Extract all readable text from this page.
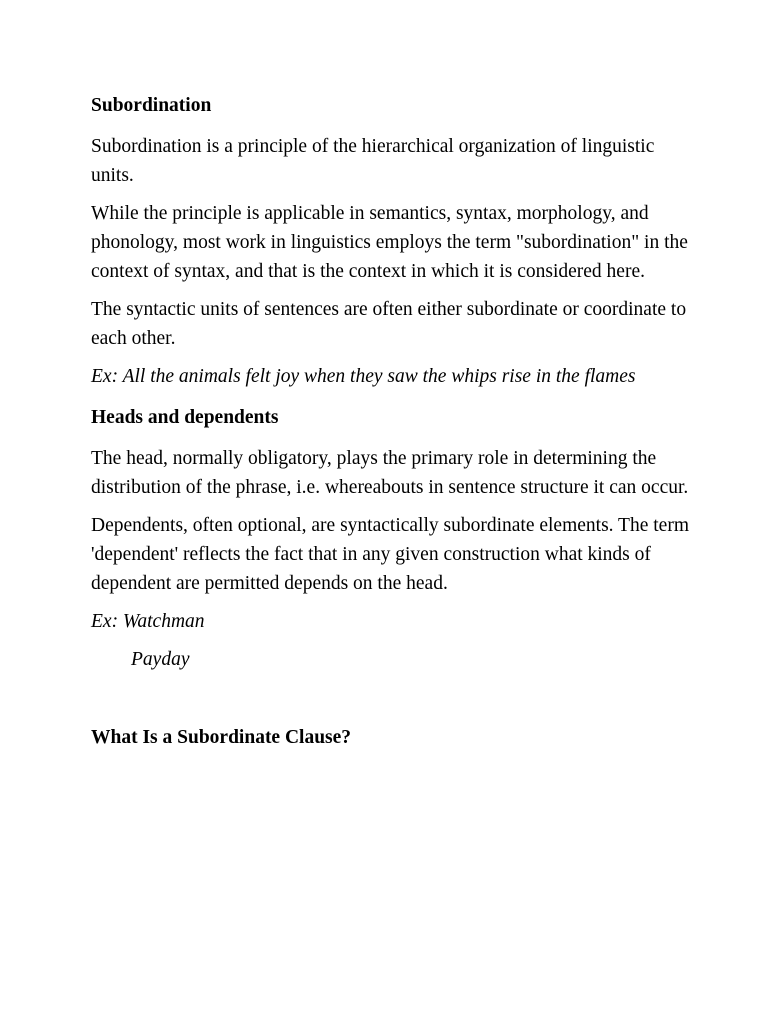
Subordination

Subordination is a principle of the hierarchical organization of linguistic units.

While the principle is applicable in semantics, syntax, morphology, and phonology, most work in linguistics employs the term "subordination" in the context of syntax, and that is the context in which it is considered here.

The syntactic units of sentences are often either subordinate or coordinate to each other.

Ex: All the animals felt joy when they saw the whips rise in the flames

Heads and dependents

The head, normally obligatory, plays the primary role in determining the distribution of the phrase, i.e. whereabouts in sentence structure it can occur.

Dependents, often optional, are syntactically subordinate elements. The term 'dependent' reflects the fact that in any given construction what kinds of dependent are permitted depends on the head.

Ex: Watchman

Payday

What Is a Subordinate Clause?
